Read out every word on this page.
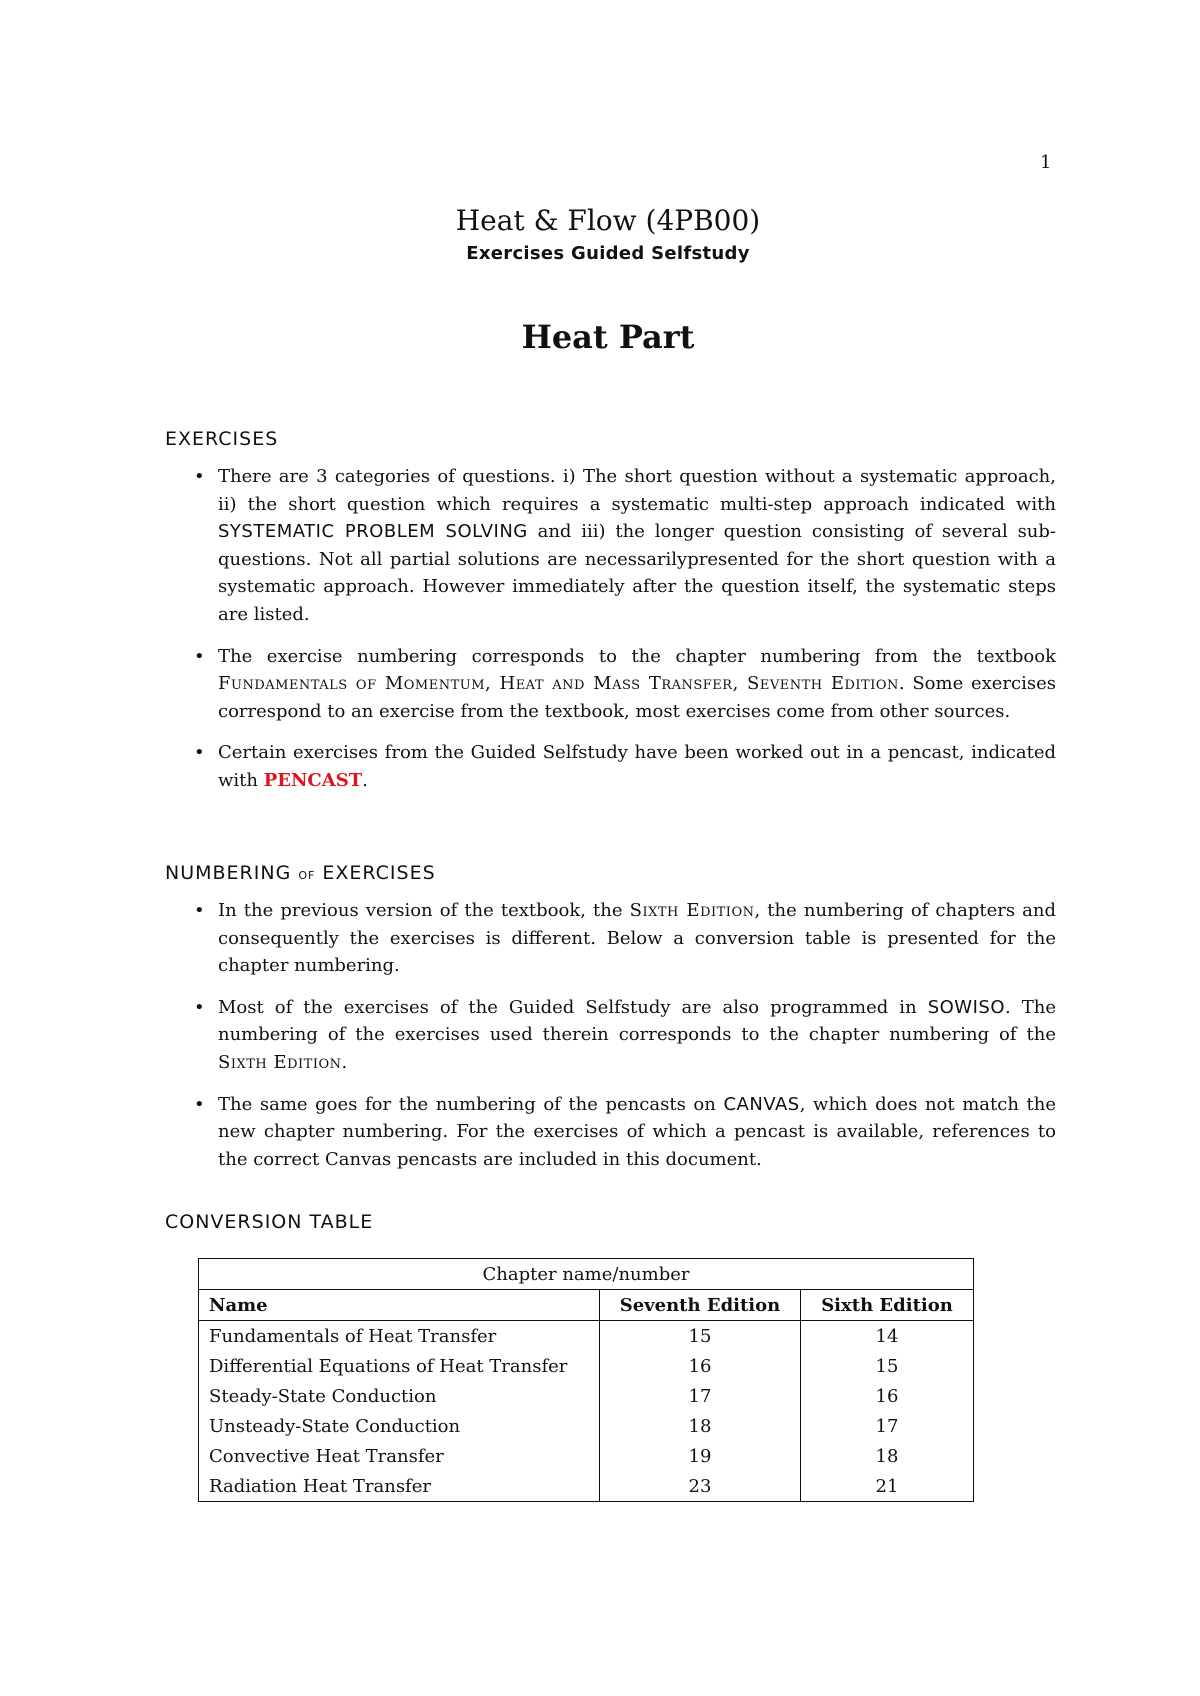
1
Heat & Flow (4PB00)
Exercises Guided Selfstudy
Heat Part
EXERCISES
• There are 3 categories of questions. i) The short question without a systematic approach, ii) the short question which requires a systematic multi-step approach indicated with SYSTEMATIC PROBLEM SOLVING and iii) the longer question consisting of several sub-questions. Not all partial solutions are necessarilypresented for the short question with a systematic approach. However immediately after the question itself, the systematic steps are listed.
• The exercise numbering corresponds to the chapter numbering from the textbook Fundamentals of Momentum, Heat and Mass Transfer, Seventh Edition. Some exercises correspond to an exercise from the textbook, most exercises come from other sources.
• Certain exercises from the Guided Selfstudy have been worked out in a pencast, indicated with PENCAST.
NUMBERING of EXERCISES
• In the previous version of the textbook, the Sixth Edition, the numbering of chapters and consequently the exercises is different. Below a conversion table is presented for the chapter numbering.
• Most of the exercises of the Guided Selfstudy are also programmed in SOWISO. The numbering of the exercises used therein corresponds to the chapter numbering of the Sixth Edition.
• The same goes for the numbering of the pencasts on CANVAS, which does not match the new chapter numbering. For the exercises of which a pencast is available, references to the correct Canvas pencasts are included in this document.
CONVERSION TABLE
Chapter name/number		
Name	Seventh Edition	Sixth Edition
Fundamentals of Heat Transfer	15	14
Differential Equations of Heat Transfer	16	15
Steady-State Conduction	17	16
Unsteady-State Conduction	18	17
Convective Heat Transfer	19	18
Radiation Heat Transfer	23	21
